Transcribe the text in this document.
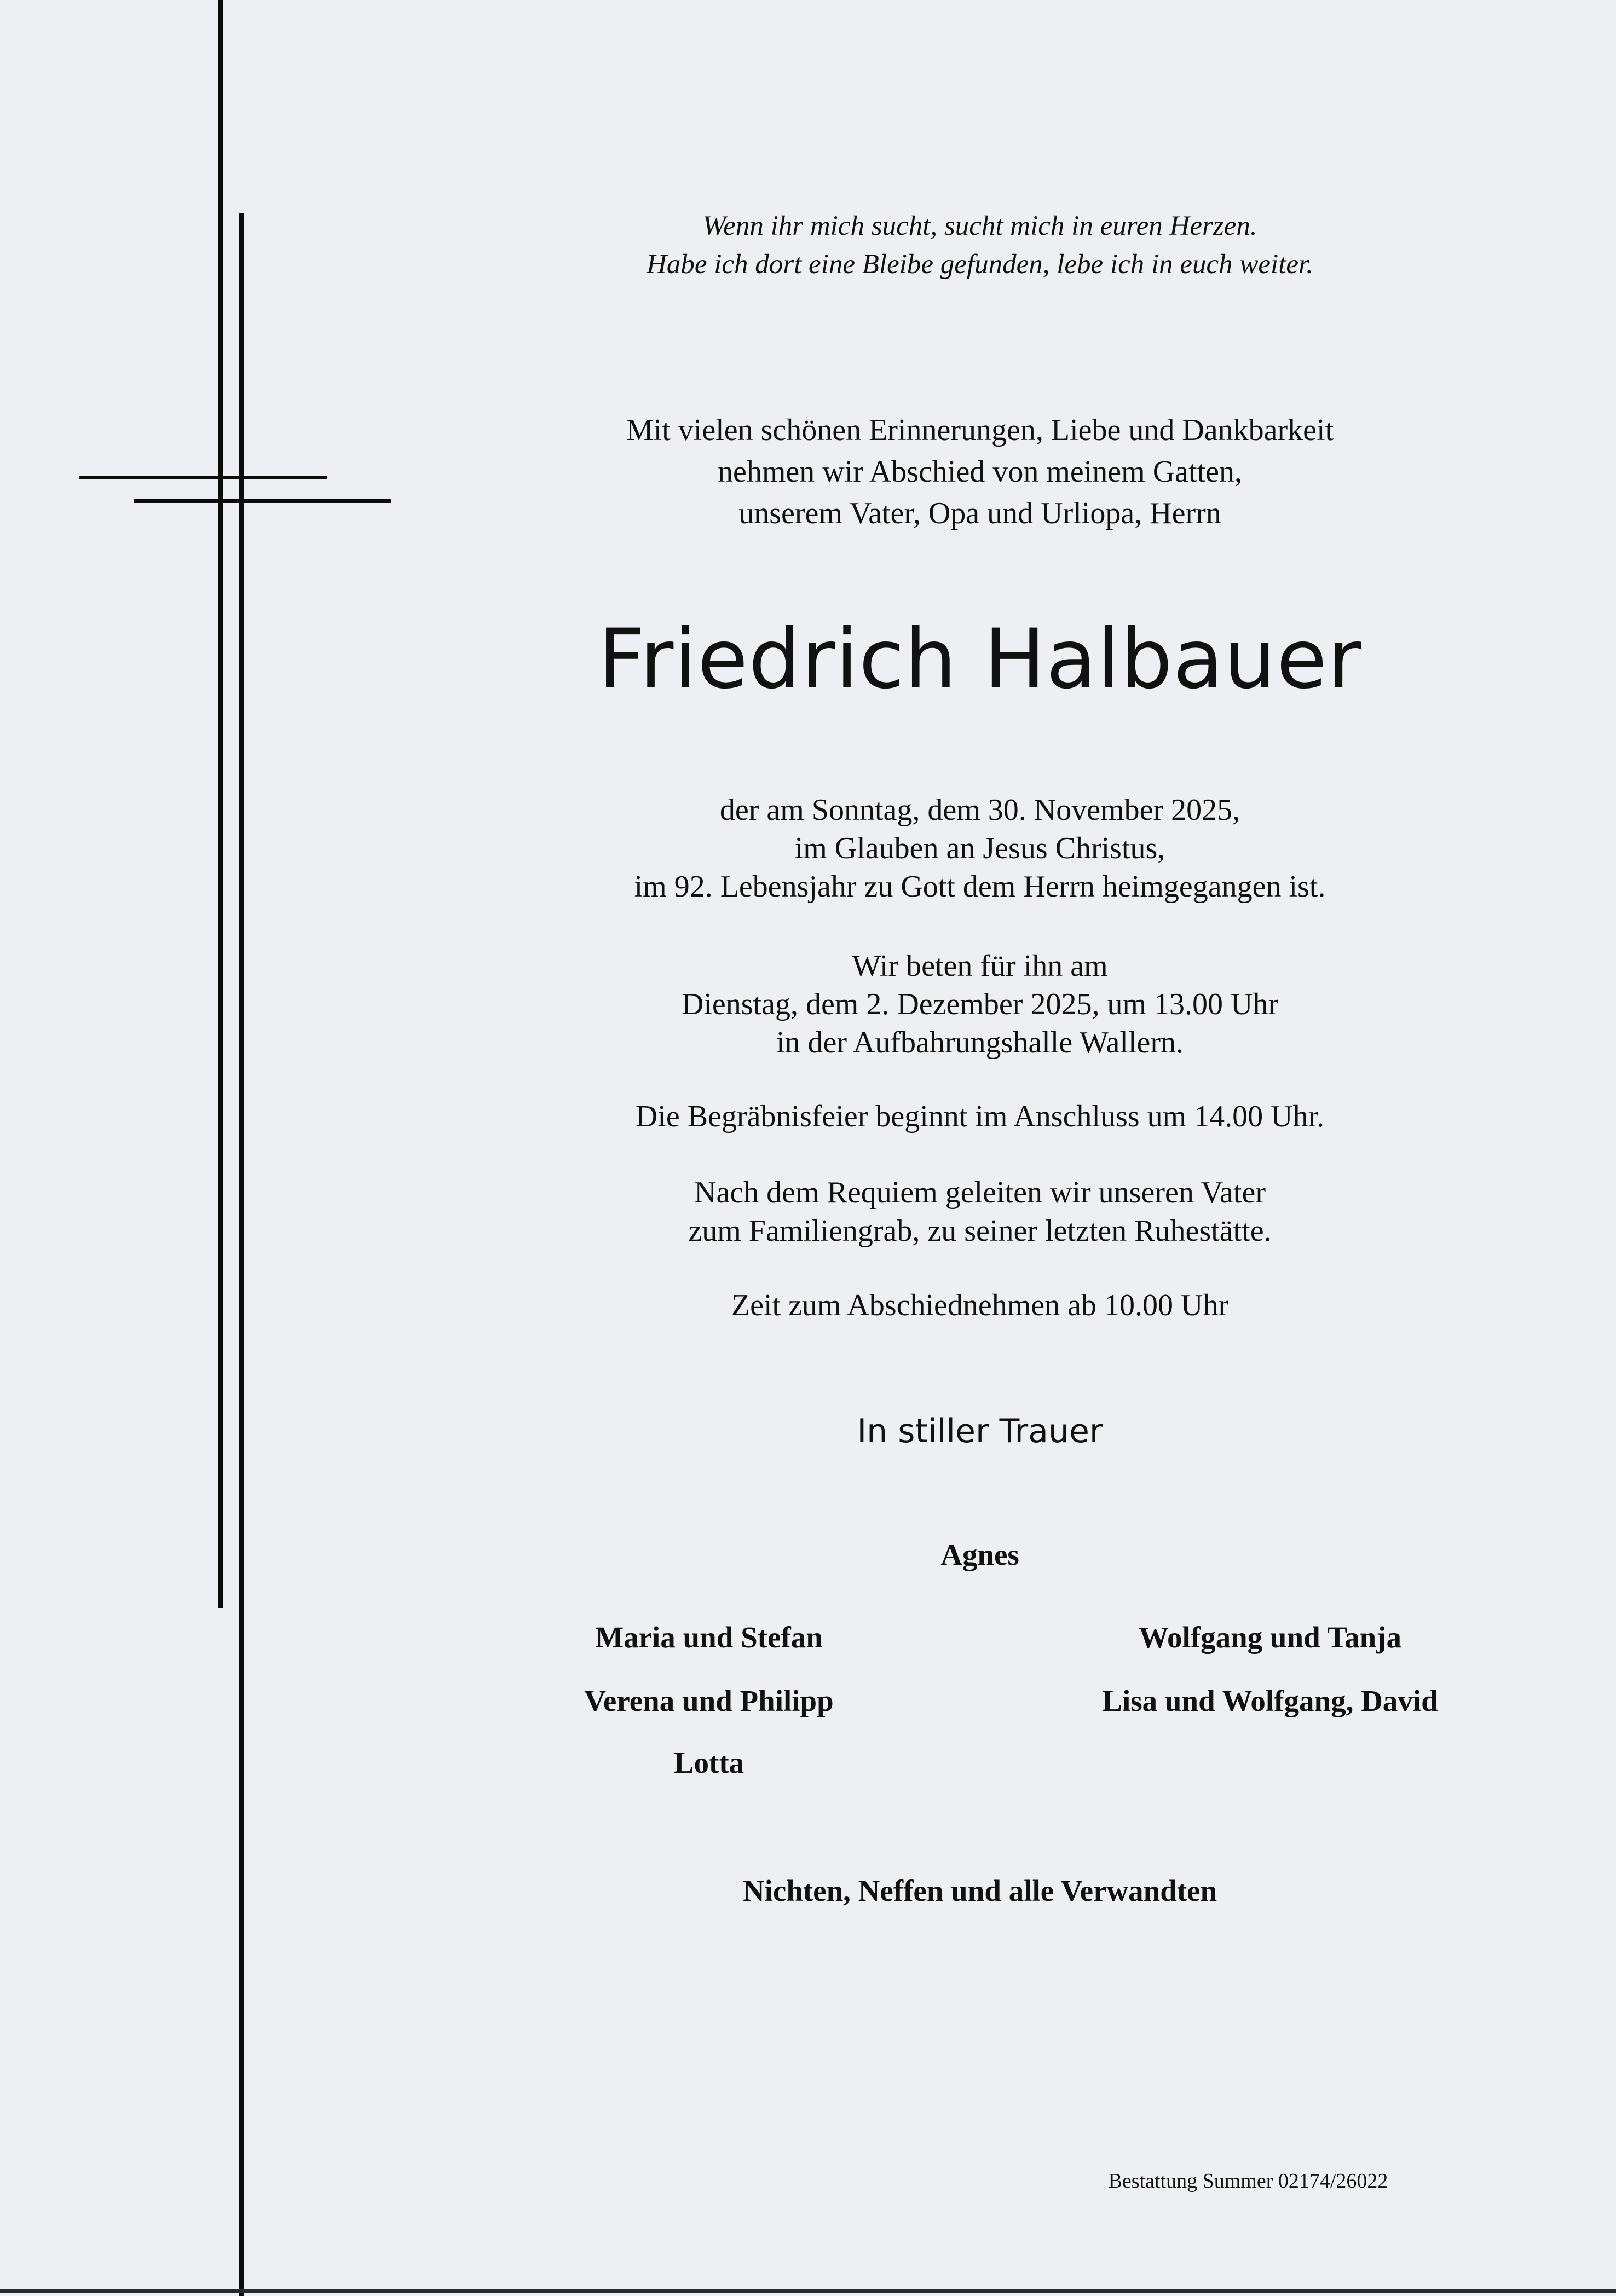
Wenn ihr mich sucht, sucht mich in euren Herzen.
Habe ich dort eine Bleibe gefunden, lebe ich in euch weiter.

Mit vielen schönen Erinnerungen, Liebe und Dankbarkeit
nehmen wir Abschied von meinem Gatten,
unserem Vater, Opa und Urliopa, Herrn

Friedrich Halbauer

der am Sonntag, dem 30. November 2025,
im Glauben an Jesus Christus,
im 92. Lebensjahr zu Gott dem Herrn heimgegangen ist.

Wir beten für ihn am
Dienstag, dem 2. Dezember 2025, um 13.00 Uhr
in der Aufbahrungshalle Wallern.

Die Begräbnisfeier beginnt im Anschluss um 14.00 Uhr.

Nach dem Requiem geleiten wir unseren Vater
zum Familiengrab, zu seiner letzten Ruhestätte.

Zeit zum Abschiednehmen ab 10.00 Uhr

In stiller Trauer

Agnes

Maria und Stefan

Verena und Philipp

Lotta

Wolfgang und Tanja

Lisa und Wolfgang, David

Nichten, Neffen und alle Verwandten

Bestattung Summer 02174/26022
